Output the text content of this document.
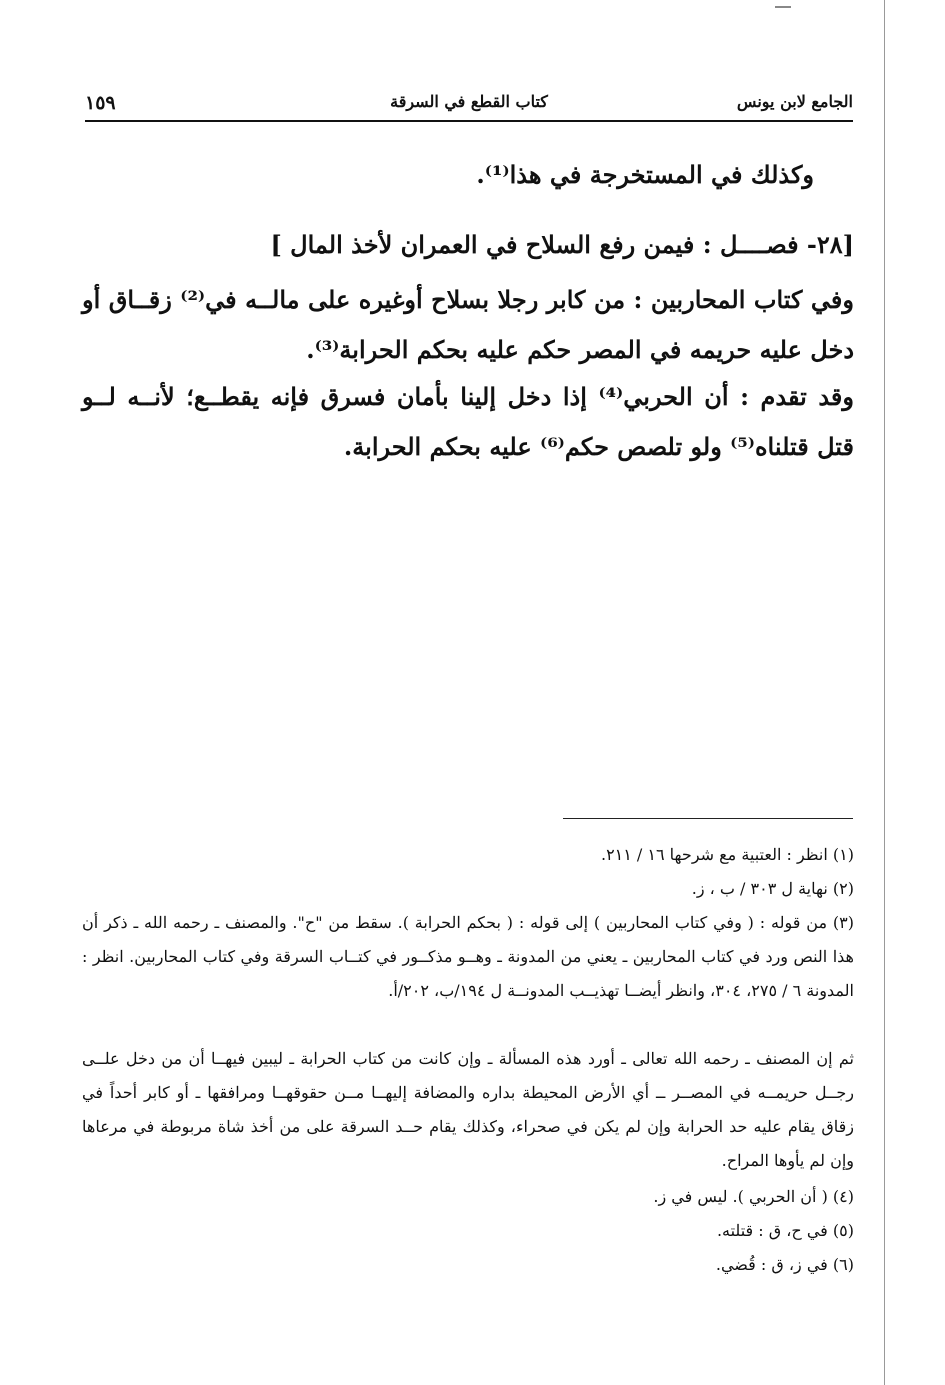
الجامع لابن يونس
كتاب القطع في السرقة
١٥٩
وكذلك في المستخرجة في هذا⁽¹⁾.
[٢٨- فصــــل : فيمن رفع السلاح في العمران لأخذ المال ]
وفي كتاب المحاربين : من كابر رجلا بسلاح أوغيره على مالــه في⁽²⁾ زقــاق أو دخل عليه حريمه في المصر حكم عليه بحكم الحرابة⁽³⁾.
وقد تقدم : أن الحربي⁽⁴⁾ إذا دخل إلينا بأمان فسرق فإنه يقطــع؛ لأنــه لــو قتل قتلناه⁽⁵⁾ ولو تلصص حكم⁽⁶⁾ عليه بحكم الحرابة.
(١) انظر : العتبية مع شرحها ١٦ / ٢١١.
(٢) نهاية ل ٣٠٣ / ب ، ز.
(٣) من قوله : ( وفي كتاب المحاربين ) إلى قوله : ( بحكم الحرابة ). سقط من "ح". والمصنف ـ رحمه الله ـ ذكر أن هذا النص ورد في كتاب المحاربين ـ يعني من المدونة ـ وهــو مذكــور في كتــاب السرقة وفي كتاب المحاربين. انظر : المدونة ٦ / ٢٧٥، ٣٠٤، وانظر أيضــا تهذيــب المدونــة ل ١٩٤/ب، ٢٠٢/أ.
ثم إن المصنف ـ رحمه الله تعالى ـ أورد هذه المسألة ـ وإن كانت من كتاب الحرابة ـ ليبين فيهــا أن من دخل علــى رجــل حريمــه في المصــر ــ أي الأرض المحيطة بداره والمضافة إليهــا مــن حقوقهــا ومرافقها ـ أو كابر أحداً في زقاق يقام عليه حد الحرابة وإن لم يكن في صحراء، وكذلك يقام حــد السرقة على من أخذ شاة مربوطة في مرعاها وإن لم يأوها المراح.
(٤) ( أن الحربي ). ليس في ز.
(٥) في ح، ق : قتلته.
(٦) في ز، ق : قُضي.
